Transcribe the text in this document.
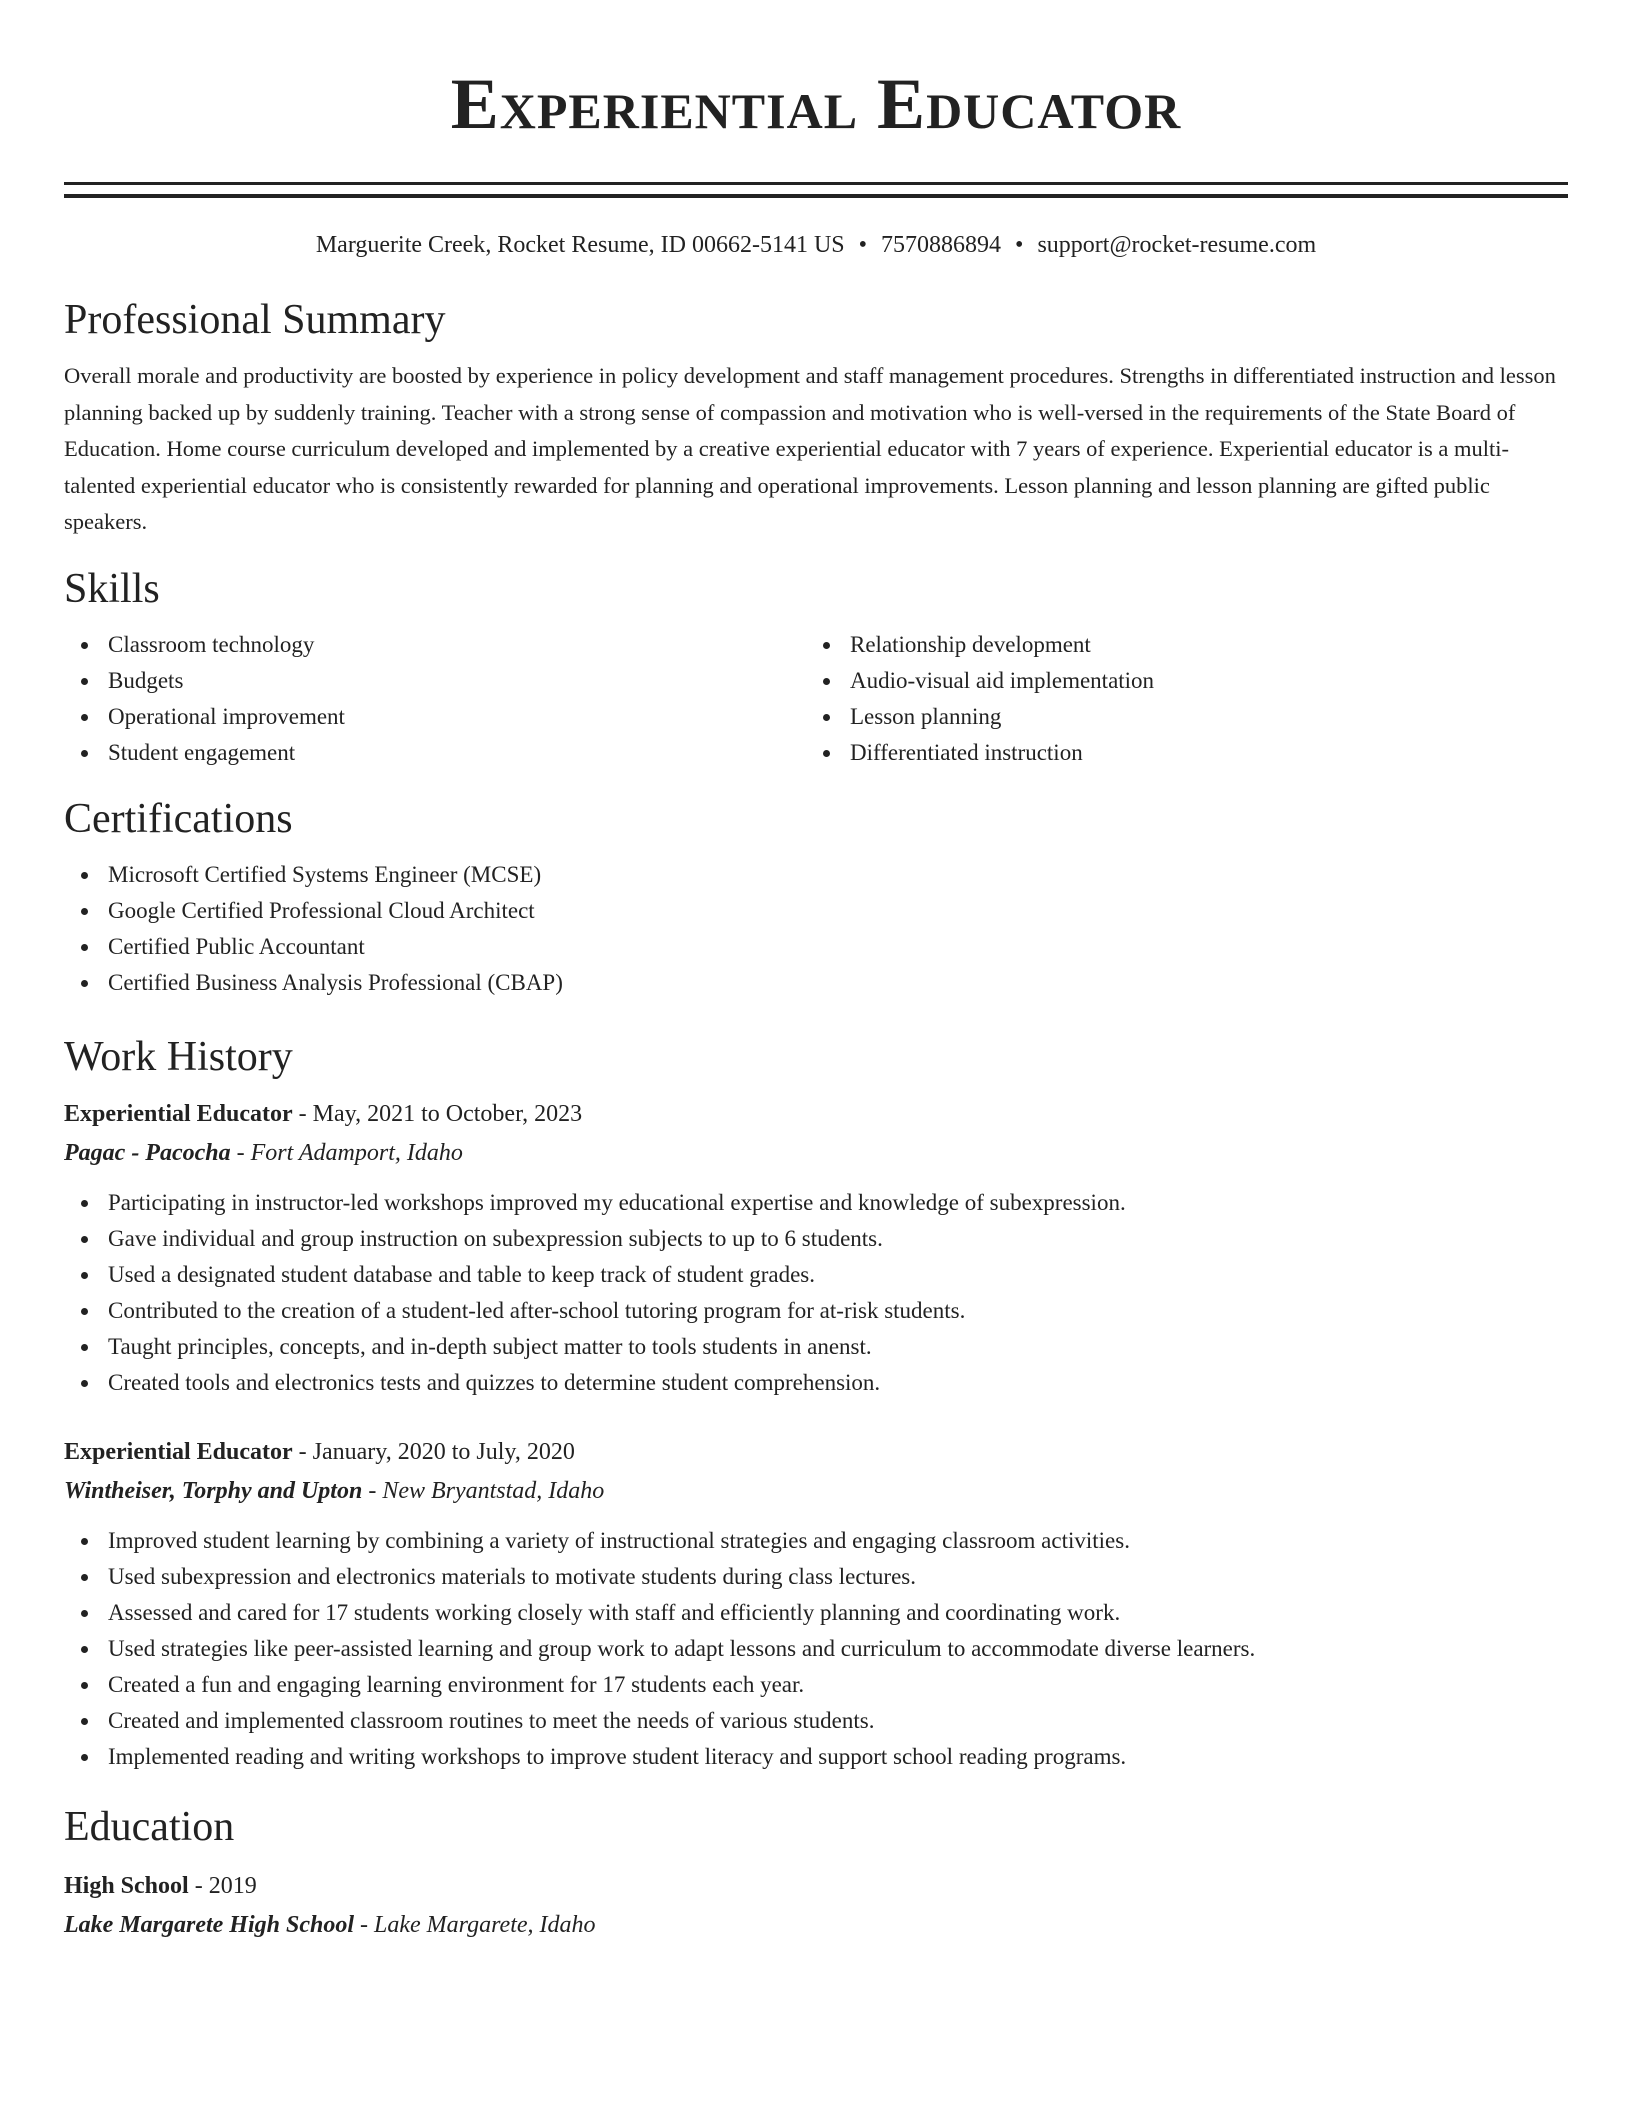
Experiential Educator
Marguerite Creek, Rocket Resume, ID 00662-5141 US • 7570886894 • support@rocket-resume.com
Professional Summary

Overall morale and productivity are boosted by experience in policy development and staff management procedures. Strengths in differentiated instruction and lesson planning backed up by suddenly training. Teacher with a strong sense of compassion and motivation who is well-versed in the requirements of the State Board of Education. Home course curriculum developed and implemented by a creative experiential educator with 7 years of experience. Experiential educator is a multi-talented experiential educator who is consistently rewarded for planning and operational improvements. Lesson planning and lesson planning are gifted public speakers.

Skills
Classroom technology
Budgets
Operational improvement
Student engagement
Relationship development
Audio-visual aid implementation
Lesson planning
Differentiated instruction
Certifications
Microsoft Certified Systems Engineer (MCSE)
Google Certified Professional Cloud Architect
Certified Public Accountant
Certified Business Analysis Professional (CBAP)
Work History
Experiential Educator - May, 2021 to October, 2023
Pagac - Pacocha - Fort Adamport, Idaho
Participating in instructor-led workshops improved my educational expertise and knowledge of subexpression.
Gave individual and group instruction on subexpression subjects to up to 6 students.
Used a designated student database and table to keep track of student grades.
Contributed to the creation of a student-led after-school tutoring program for at-risk students.
Taught principles, concepts, and in-depth subject matter to tools students in anenst.
Created tools and electronics tests and quizzes to determine student comprehension.
Experiential Educator - January, 2020 to July, 2020
Wintheiser, Torphy and Upton - New Bryantstad, Idaho
Improved student learning by combining a variety of instructional strategies and engaging classroom activities.
Used subexpression and electronics materials to motivate students during class lectures.
Assessed and cared for 17 students working closely with staff and efficiently planning and coordinating work.
Used strategies like peer-assisted learning and group work to adapt lessons and curriculum to accommodate diverse learners.
Created a fun and engaging learning environment for 17 students each year.
Created and implemented classroom routines to meet the needs of various students.
Implemented reading and writing workshops to improve student literacy and support school reading programs.
Education
High School - 2019
Lake Margarete High School - Lake Margarete, Idaho
